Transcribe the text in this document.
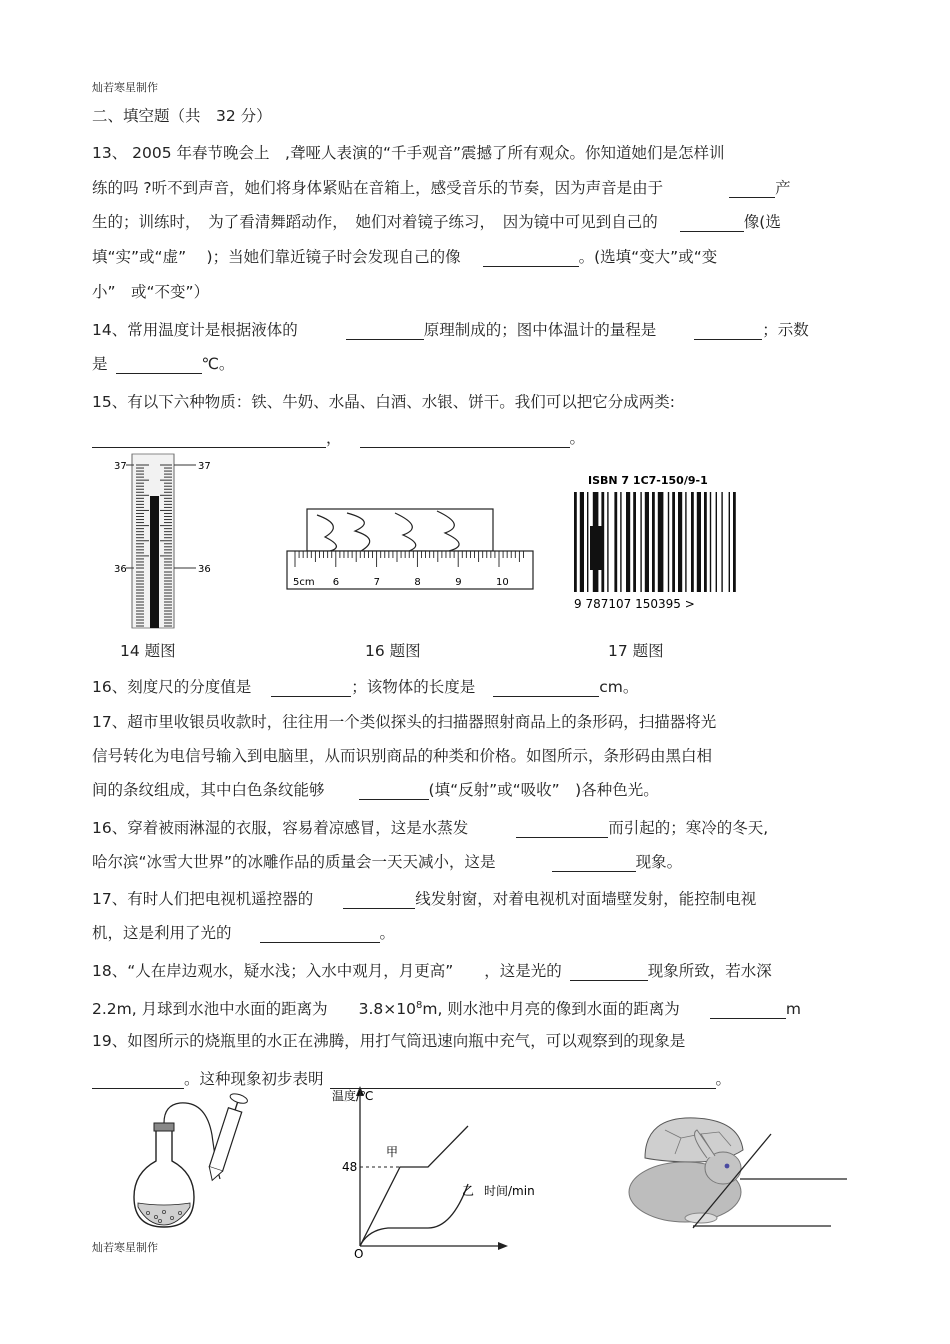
灿若寒星制作
二、填空题（共　32 分）
13、 2005 年春节晚会上　,聋哑人表演的“千手观音”震撼了所有观众。你知道她们是怎样训
练的吗 ?听不到声音，她们将身体紧贴在音箱上，感受音乐的节奏，因为声音是由于	产
生的；训练时，　为了看清舞蹈动作，　她们对着镜子练习，　因为镜中可见到自己的	像(选
填“实”或“虚”　 )；当她们靠近镜子时会发现自己的像	。(选填“变大”或“变
小”　或“不变”）
14、常用温度计是根据液体的	原理制成的；图中体温计的量程是	；示数
是	℃。
15、有以下六种物质：铁、牛奶、水晶、白酒、水银、饼干。我们可以把它分成两类:
，	。
37	37
36	36
5cm 6	7	8	9	10
ISBN 7 1C7-150/9-1
9 787107 150395 >
14 题图	16 题图	17 题图
16、刻度尺的分度值是	；该物体的长度是	cm。
17、超市里收银员收款时，往往用一个类似探头的扫描器照射商品上的条形码，扫描器将光
信号转化为电信号输入到电脑里，从而识别商品的种类和价格。如图所示，条形码由黑白相
间的条纹组成，其中白色条纹能够	(填“反射”或“吸收”　)各种色光。
16、穿着被雨淋湿的衣服，容易着凉感冒，这是水蒸发	而引起的；寒冷的冬天,
哈尔滨“冰雪大世界”的冰雕作品的质量会一天天减小，这是	现象。
17、有时人们把电视机遥控器的	线发射窗，对着电视机对面墙壁发射，能控制电视
机，这是利用了光的	。
18、“人在岸边观水，疑水浅；入水中观月，月更高”　　，这是光的	现象所致，若水深
2.2m, 月球到水池中水面的距离为　　$3.8\times 10^8m$, 则水池中月亮的像到水面的距离为	m
19、如图所示的烧瓶里的水正在沸腾，用打气筒迅速向瓶中充气，可以观察到的现象是
。这种现象初步表明	。
温度/℃
时间/min
48
O
甲
乙
灿若寒星制作
